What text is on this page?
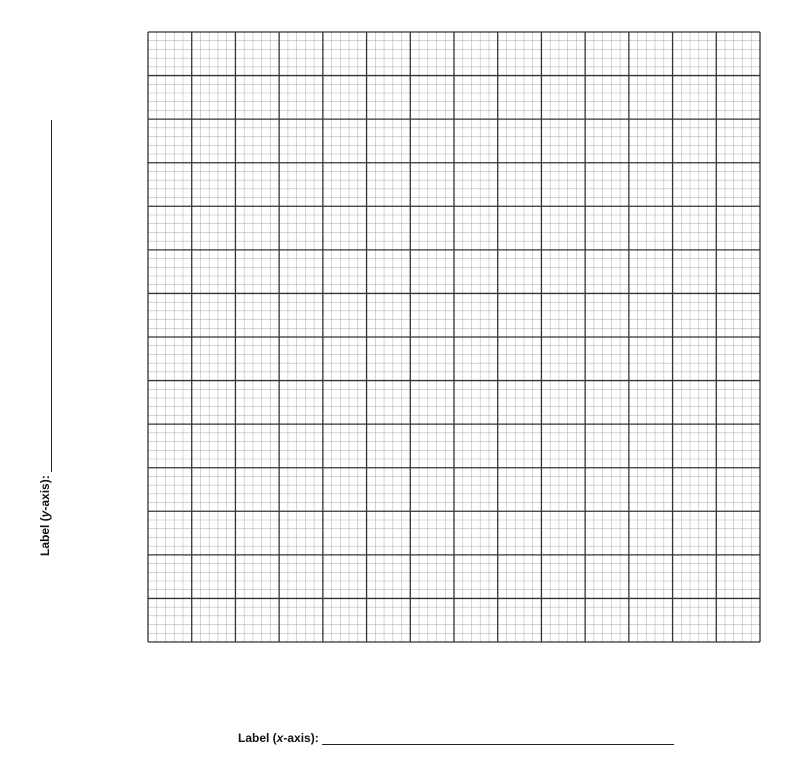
Label (y-axis):
Label (x-axis):
